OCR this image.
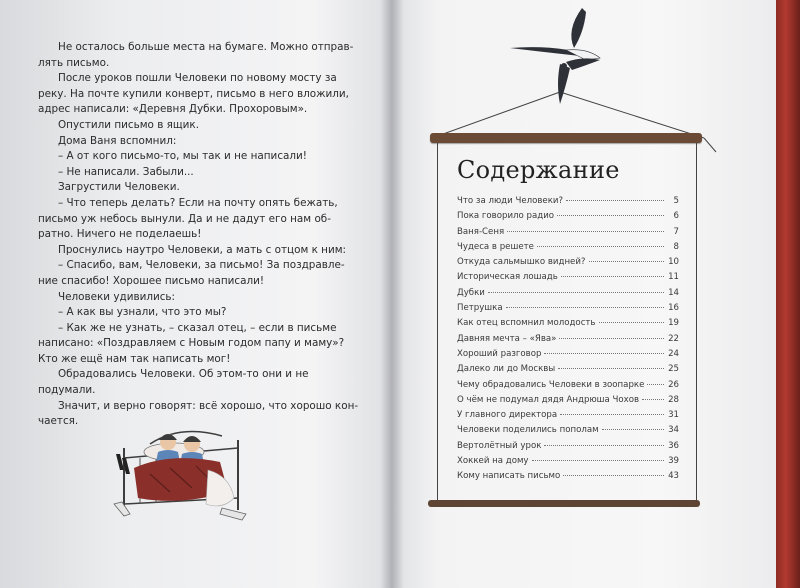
Не осталось больше места на бумаге. Можно отправ-

лять письмо.

После уроков пошли Человеки по новому мосту за

реку. На почте купили конверт, письмо в него вложили,

адрес написали: «Деревня Дубки. Прохоровым».

Опустили письмо в ящик.

Дома Ваня вспомнил:

– А от кого письмо-то, мы так и не написали!

– Не написали. Забыли...

Загрустили Человеки.

– Что теперь делать? Если на почту опять бежать,

письмо уж небось вынули. Да и не дадут его нам об-

ратно. Ничего не поделаешь!

Проснулись наутро Человеки, а мать с отцом к ним:

– Спасибо, вам, Человеки, за письмо! За поздравле-

ние спасибо! Хорошее письмо написали!

Человеки удивились:

– А как вы узнали, что это мы?

– Как же не узнать, – сказал отец, – если в письме

написано: «Поздравляем с Новым годом папу и маму»?

Кто же ещё нам так написать мог!

Обрадовались Человеки. Об этом-то они и не подумали.

Значит, и верно говорят: всё хорошо, что хорошо кон-

чается.

Содержание
Что за люди Человеки?	5
Пока говорило радио	6
Ваня-Сеня	7
Чудеса в решете	8
Откуда сальмышко видней?	10
Историческая лошадь	11
Дубки	14
Петрушка	16
Как отец вспомнил молодость	19
Давняя мечта – «Ява»	22
Хороший разговор	24
Далеко ли до Москвы	25
Чему обрадовались Человеки в зоопарке	26
О чём не подумал дядя Андрюша Чохов	28
У главного директора	31
Человеки поделились пополам	34
Вертолётный урок	36
Хоккей на дому	39
Кому написать письмо	43
